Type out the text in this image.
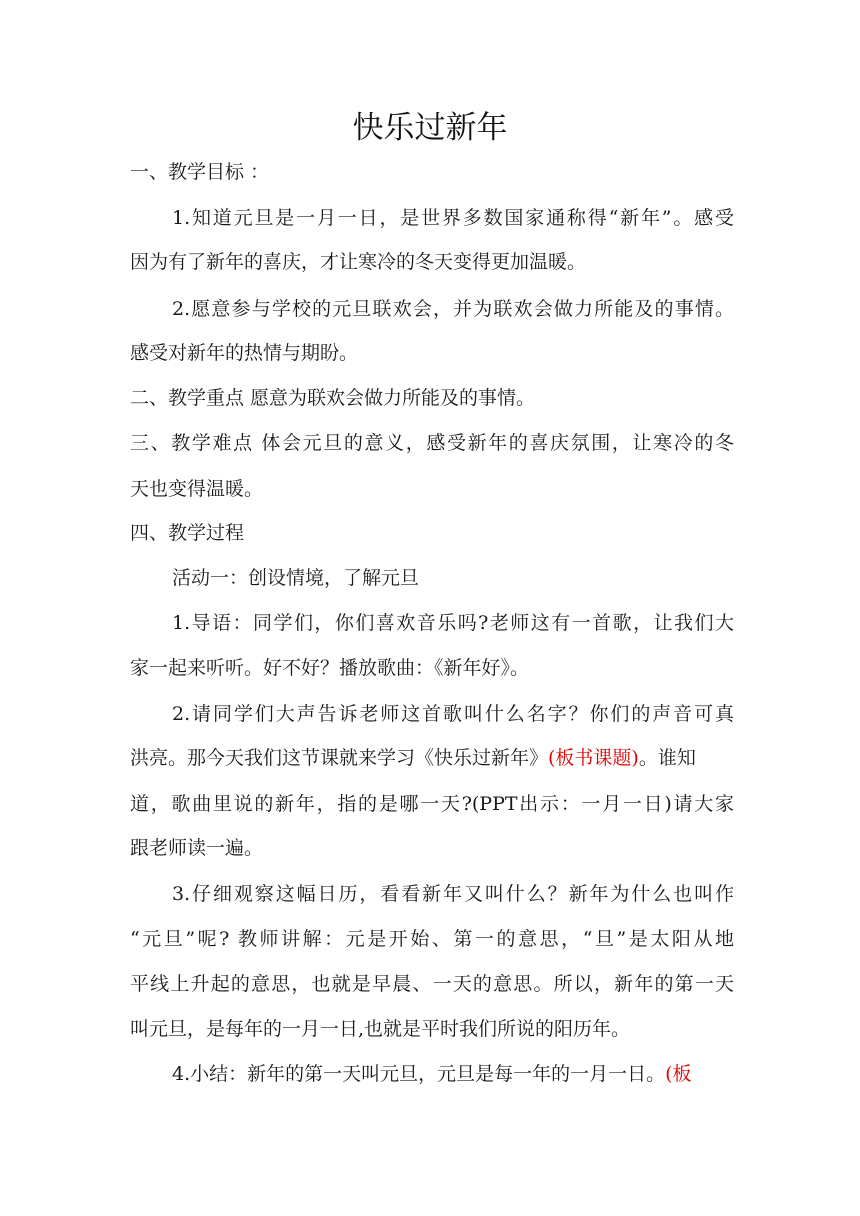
快乐过新年
一、教学目标 ：
1.知道元旦是一月一日，是世界多数国家通称得“新年”。感受
因为有了新年的喜庆，才让寒冷的冬天变得更加温暖。
2.愿意参与学校的元旦联欢会，并为联欢会做力所能及的事情。
感受对新年的热情与期盼。
二、教学重点 愿意为联欢会做力所能及的事情。
三、教学难点 体会元旦的意义，感受新年的喜庆氛围，让寒冷的冬
天也变得温暖。
四、教学过程
活动一：创设情境，了解元旦
1.导语：同学们，你们喜欢音乐吗?老师这有一首歌，让我们大
家一起来听听。好不好？播放歌曲：《新年好》。
2.请同学们大声告诉老师这首歌叫什么名字？你们的声音可真
洪亮。那今天我们这节课就来学习《快乐过新年》(板书课题)。谁知
道，歌曲里说的新年，指的是哪一天?(PPT出示：一月一日)请大家
跟老师读一遍。
3.仔细观察这幅日历，看看新年又叫什么？新年为什么也叫作
“元旦”呢? 教师讲解：元是开始、第一的意思，“旦”是太阳从地
平线上升起的意思，也就是早晨、一天的意思。所以，新年的第一天
叫元旦，是每年的一月一日,也就是平时我们所说的阳历年。
4.小结：新年的第一天叫元旦，元旦是每一年的一月一日。(板
